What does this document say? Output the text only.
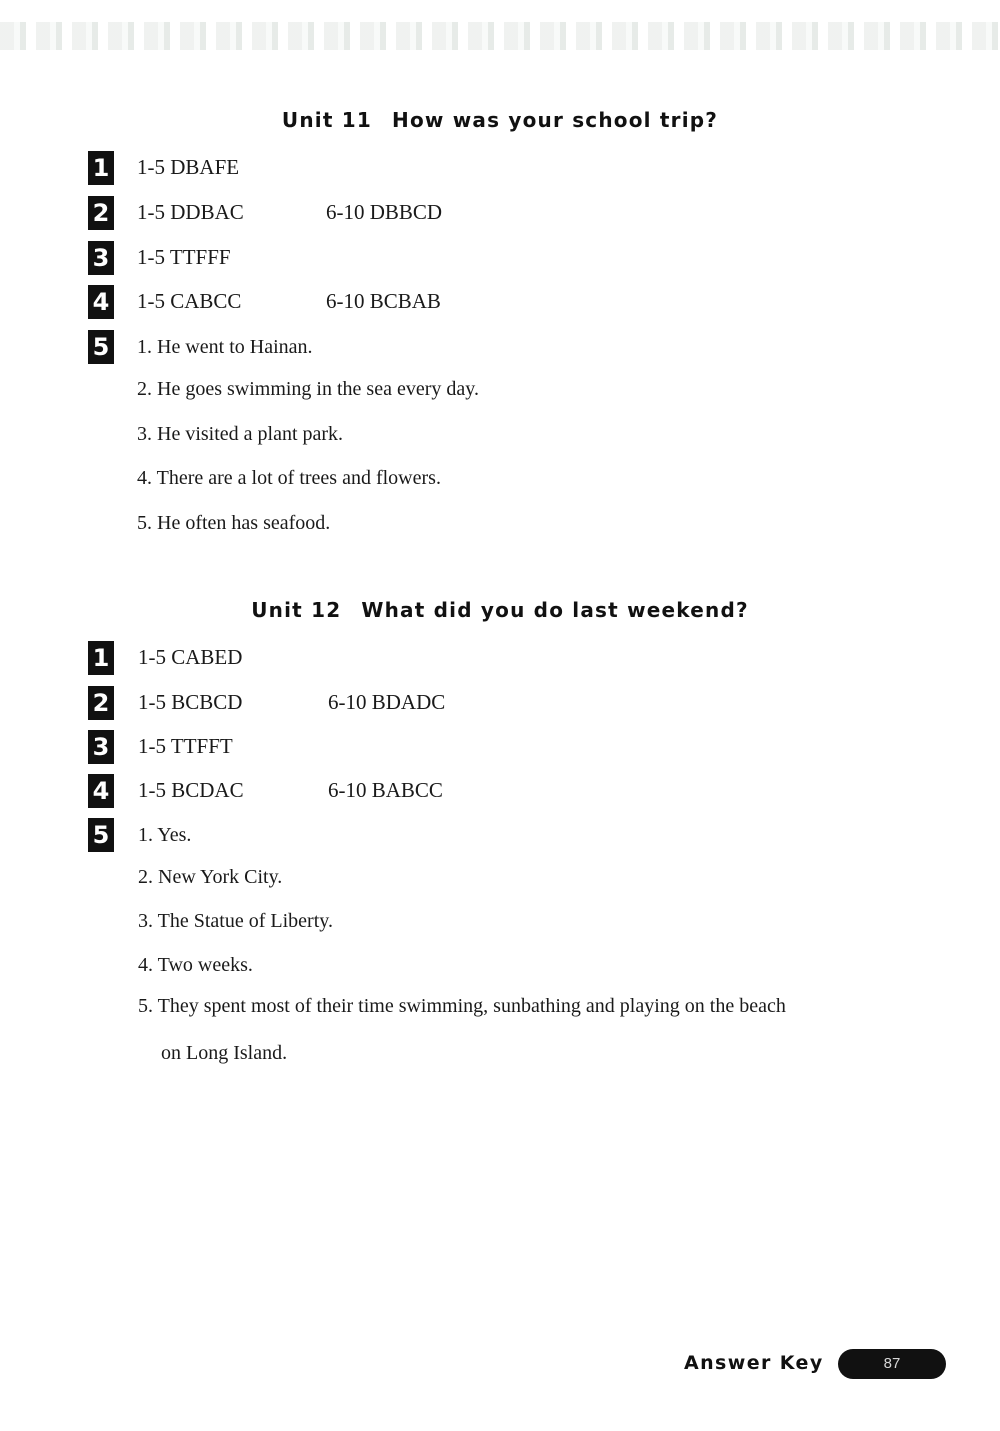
Unit 11 How was your school trip?
1 1-5 DBAFE
2 1-5 DDBAC	6-10 DBBCD
3 1-5 TTFFF
4 1-5 CABCC	6-10 BCBAB
5 1. He went to Hainan.
2. He goes swimming in the sea every day.
3. He visited a plant park.
4. There are a lot of trees and flowers.
5. He often has seafood.
Unit 12 What did you do last weekend?
1 1-5 CABED
2 1-5 BCBCD	6-10 BDADC
3 1-5 TTFFT
4 1-5 BCDAC	6-10 BABCC
5 1. Yes.
2. New York City.
3. The Statue of Liberty.
4. Two weeks.
5. They spent most of their time swimming, sunbathing and playing on the beach
on Long Island.
Answer Key	87
